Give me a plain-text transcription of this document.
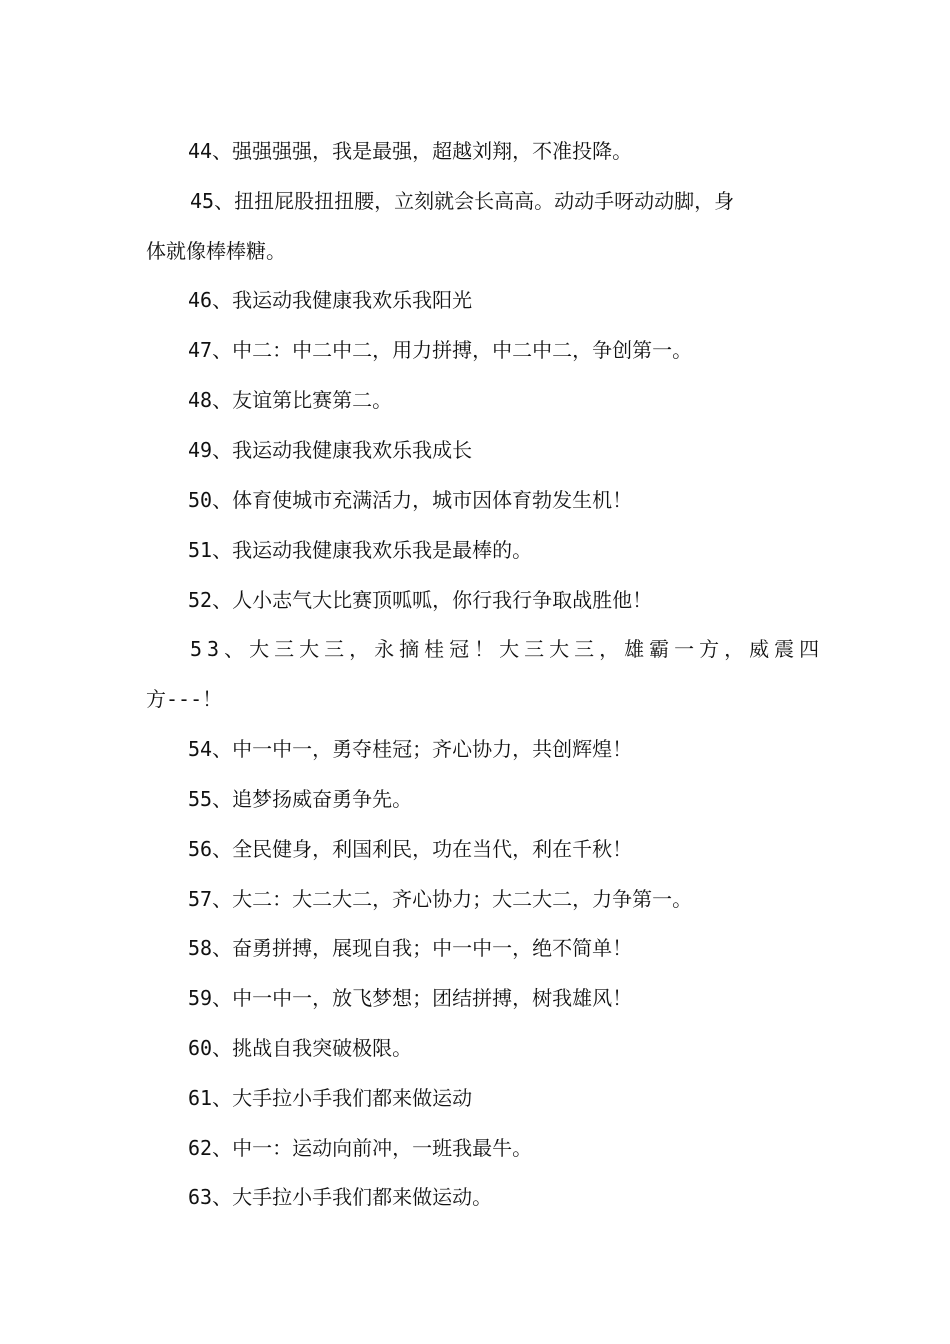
44、强强强强，我是最强，超越刘翔，不准投降。
45、扭扭屁股扭扭腰，立刻就会长高高。动动手呀动动脚，身
体就像棒棒糖。
46、我运动我健康我欢乐我阳光
47、中二：中二中二，用力拼搏，中二中二，争创第一。
48、友谊第比赛第二。
49、我运动我健康我欢乐我成长
50、体育使城市充满活力，城市因体育勃发生机！
51、我运动我健康我欢乐我是最棒的。
52、人小志气大比赛顶呱呱，你行我行争取战胜他！
53、大三大三，永摘桂冠！大三大三，雄霸一方，威震四
方---！
54、中一中一，勇夺桂冠；齐心协力，共创辉煌！
55、追梦扬威奋勇争先。
56、全民健身，利国利民，功在当代，利在千秋！
57、大二：大二大二，齐心协力；大二大二，力争第一。
58、奋勇拼搏，展现自我；中一中一，绝不简单！
59、中一中一，放飞梦想；团结拼搏，树我雄风！
60、挑战自我突破极限。
61、大手拉小手我们都来做运动
62、中一：运动向前冲，一班我最牛。
63、大手拉小手我们都来做运动。
